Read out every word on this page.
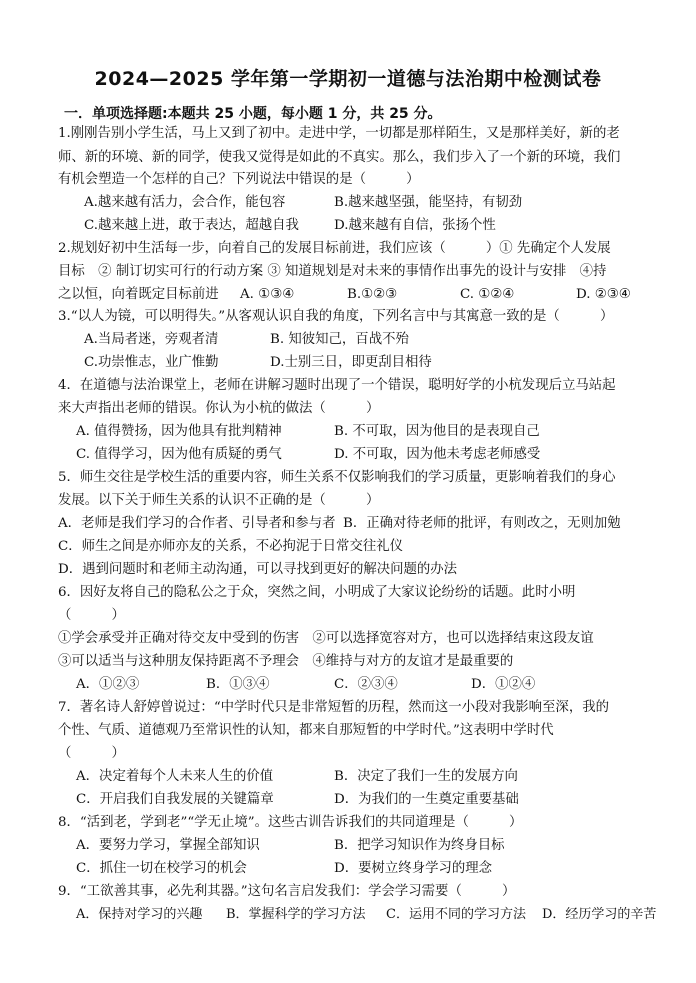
2024—2025 学年第一学期初一道德与法治期中检测试卷
一．单项选择题:本题共 25 小题，每小题 1 分，共 25 分。
1.刚刚告别小学生活，马上又到了初中。走进中学，一切都是那样陌生，又是那样美好，新的老
师、新的环境、新的同学，使我又觉得是如此的不真实。那么，我们步入了一个新的环境，我们
有机会塑造一个怎样的自己？下列说法中错误的是（　　　）
A.越来越有活力，会合作，能包容	B.越来越坚强，能坚持，有韧劲
C.越来越上进，敢于表达，超越自我	D.越来越有自信，张扬个性
2.规划好初中生活每一步，向着自己的发展目标前进，我们应该（　　　）① 先确定个人发展
目标　② 制订切实可行的行动方案 ③ 知道规划是对未来的事情作出事先的设计与安排　④持
之以恒，向着既定目标前进 A. ①③④	B.①②③	C. ①②④	D. ②③④
3.“以人为镜，可以明得失。”从客观认识自我的角度，下列名言中与其寓意一致的是（　　　）
A.当局者迷，旁观者清	B. 知彼知己，百战不殆
C.功崇惟志，业广惟勤	D.士别三日，即更刮目相待
4．在道德与法治课堂上，老师在讲解习题时出现了一个错误，聪明好学的小杭发现后立马站起
来大声指出老师的错误。你认为小杭的做法（　　　）
A. 值得赞扬，因为他具有批判精神	B. 不可取，因为他目的是表现自己
C. 值得学习，因为他有质疑的勇气	D. 不可取，因为他未考虑老师感受
5．师生交往是学校生活的重要内容，师生关系不仅影响我们的学习质量，更影响着我们的身心
发展。以下关于师生关系的认识不正确的是（　　　）
A．老师是我们学习的合作者、引导者和参与者 B．正确对待老师的批评，有则改之，无则加勉
C．师生之间是亦师亦友的关系，不必拘泥于日常交往礼仪
D．遇到问题时和老师主动沟通，可以寻找到更好的解决问题的办法
6．因好友将自己的隐私公之于众，突然之间，小明成了大家议论纷纷的话题。此时小明
（　　　）
①学会承受并正确对待交友中受到的伤害　②可以选择宽容对方，也可以选择结束这段友谊
③可以适当与这种朋友保持距离不予理会　④维持与对方的友谊才是最重要的
A．①②③	B．①③④	C．②③④	D．①②④
7．著名诗人舒婷曾说过：“中学时代只是非常短暂的历程，然而这一小段对我影响至深，我的
个性、气质、道德观乃至常识性的认知，都来自那短暂的中学时代。”这表明中学时代
（　　　）
A．决定着每个人未来人生的价值	B．决定了我们一生的发展方向
C．开启我们自我发展的关键篇章	D．为我们的一生奠定重要基础
8．“活到老，学到老”“学无止境”。这些古训告诉我们的共同道理是（　　　）
A．要努力学习，掌握全部知识	B．把学习知识作为终身目标
C．抓住一切在校学习的机会	D．要树立终身学习的理念
9．“工欲善其事，必先利其器。”这句名言启发我们：学会学习需要（　　　）
A．保持对学习的兴趣 B．掌握科学的学习方法 C．运用不同的学习方法 D．经历学习的辛苦
